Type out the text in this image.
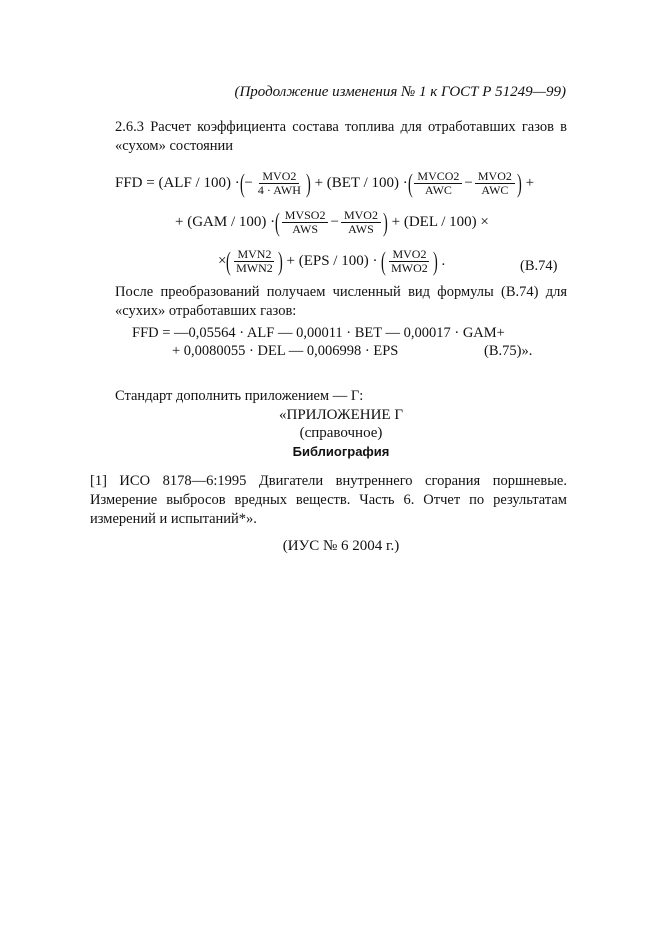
(Продолжение изменения № 1 к ГОСТ Р 51249—99)
2.6.3 Расчет коэффициента состава топлива для отработавших газов в «сухом» состоянии
FFD = (ALF / 100) · ( − $\frac{\text{MVO2}}{\text{4 · AWH}}$ ) + (BET / 100) · ( $\frac{\text{MVCO2}}{\text{AWC}} - \frac{\text{MVO2}}{\text{AWC}}$ ) +
+ (GAM / 100) · ( $\frac{\text{MVSO2}}{\text{AWS}} - \frac{\text{MVO2}}{\text{AWS}}$ ) + (DEL / 100) ×
× ( $\frac{\text{MVN2}}{\text{MWN2}}$ ) + (EPS / 100) · ( $\frac{\text{MVO2}}{\text{MWO2}}$ ) .	(В.74)
После преобразований получаем численный вид формулы (В.74) для «сухих» отработавших газов:
FFD = —0,05564 · ALF — 0,00011 · BET — 0,00017 · GAM+
+ 0,0080055 · DEL — 0,006998 · EPS	(В.75)».
Стандарт дополнить приложением — Г:
«ПРИЛОЖЕНИЕ Г
(справочное)
Библиография
[1] ИСО 8178—6:1995 Двигатели внутреннего сгорания поршневые. Измерение выбросов вредных веществ. Часть 6. Отчет по результатам измерений и испытаний*».
(ИУС № 6 2004 г.)
